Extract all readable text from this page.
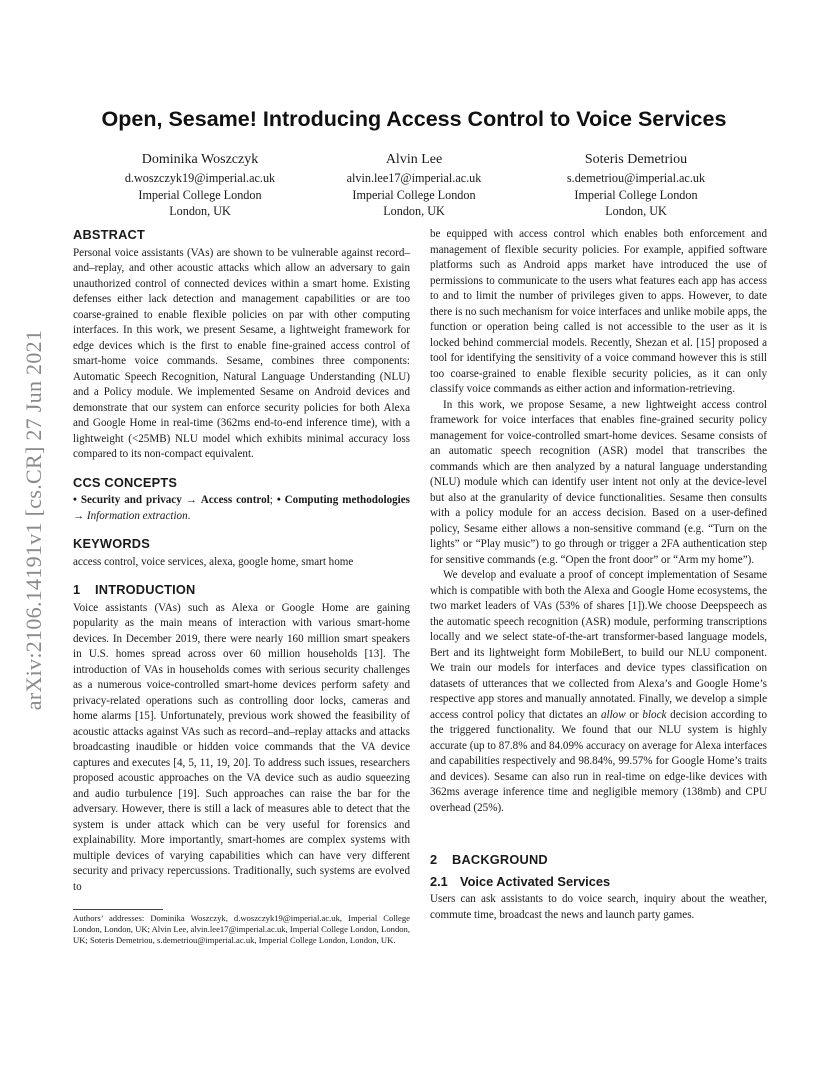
arXiv:2106.14191v1 [cs.CR] 27 Jun 2021
Open, Sesame! Introducing Access Control to Voice Services
Dominika Woszczyk
d.woszczyk19@imperial.ac.uk
Imperial College London
London, UK
Alvin Lee
alvin.lee17@imperial.ac.uk
Imperial College London
London, UK
Soteris Demetriou
s.demetriou@imperial.ac.uk
Imperial College London
London, UK
ABSTRACT

Personal voice assistants (VAs) are shown to be vulnerable against record–and–replay, and other acoustic attacks which allow an adversary to gain unauthorized control of connected devices within a smart home. Existing defenses either lack detection and management capabilities or are too coarse-grained to enable flexible policies on par with other computing interfaces. In this work, we present Sesame, a lightweight framework for edge devices which is the first to enable fine-grained access control of smart-home voice commands. Sesame, combines three components: Automatic Speech Recognition, Natural Language Understanding (NLU) and a Policy module. We implemented Sesame on Android devices and demonstrate that our system can enforce security policies for both Alexa and Google Home in real-time (362ms end-to-end inference time), with a lightweight (<25MB) NLU model which exhibits minimal accuracy loss compared to its non-compact equivalent.

CCS CONCEPTS

• Security and privacy → Access control; • Computing methodologies → Information extraction.

KEYWORDS

access control, voice services, alexa, google home, smart home

1 INTRODUCTION

Voice assistants (VAs) such as Alexa or Google Home are gaining popularity as the main means of interaction with various smart-home devices. In December 2019, there were nearly 160 million smart speakers in U.S. homes spread across over 60 million households [13]. The introduction of VAs in households comes with serious security challenges as a numerous voice-controlled smart-home devices perform safety and privacy-related operations such as controlling door locks, cameras and home alarms [15]. Unfortunately, previous work showed the feasibility of acoustic attacks against VAs such as record–and–replay attacks and attacks broadcasting inaudible or hidden voice commands that the VA device captures and executes [4, 5, 11, 19, 20]. To address such issues, researchers proposed acoustic approaches on the VA device such as audio squeezing and audio turbulence [19]. Such approaches can raise the bar for the adversary. However, there is still a lack of measures able to detect that the system is under attack which can be very useful for forensics and explainability. More importantly, smart-homes are complex systems with multiple devices of varying capabilities which can have very different security and privacy repercussions. Traditionally, such systems are evolved to

Authors’ addresses: Dominika Woszczyk, d.woszczyk19@imperial.ac.uk, Imperial College London, London, UK; Alvin Lee, alvin.lee17@imperial.ac.uk, Imperial College London, London, UK; Soteris Demetriou, s.demetriou@imperial.ac.uk, Imperial College London, London, UK.

be equipped with access control which enables both enforcement and management of flexible security policies. For example, appified software platforms such as Android apps market have introduced the use of permissions to communicate to the users what features each app has access to and to limit the number of privileges given to apps. However, to date there is no such mechanism for voice interfaces and unlike mobile apps, the function or operation being called is not accessible to the user as it is locked behind commercial models. Recently, Shezan et al. [15] proposed a tool for identifying the sensitivity of a voice command however this is still too coarse-grained to enable flexible security policies, as it can only classify voice commands as either action and information-retrieving.

In this work, we propose Sesame, a new lightweight access control framework for voice interfaces that enables fine-grained security policy management for voice-controlled smart-home devices. Sesame consists of an automatic speech recognition (ASR) model that transcribes the commands which are then analyzed by a natural language understanding (NLU) module which can identify user intent not only at the device-level but also at the granularity of device functionalities. Sesame then consults with a policy module for an access decision. Based on a user-defined policy, Sesame either allows a non-sensitive command (e.g. “Turn on the lights” or “Play music”) to go through or trigger a 2FA authentication step for sensitive commands (e.g. “Open the front door” or “Arm my home”).

We develop and evaluate a proof of concept implementation of Sesame which is compatible with both the Alexa and Google Home ecosystems, the two market leaders of VAs (53% of shares [1]).We choose Deepspeech as the automatic speech recognition (ASR) module, performing transcriptions locally and we select state-of-the-art transformer-based language models, Bert and its lightweight form MobileBert, to build our NLU component. We train our models for interfaces and device types classification on datasets of utterances that we collected from Alexa’s and Google Home’s respective app stores and manually annotated. Finally, we develop a simple access control policy that dictates an allow or block decision according to the triggered functionality. We found that our NLU system is highly accurate (up to 87.8% and 84.09% accuracy on average for Alexa interfaces and capabilities respectively and 98.84%, 99.57% for Google Home’s traits and devices). Sesame can also run in real-time on edge-like devices with 362ms average inference time and negligible memory (138mb) and CPU overhead (25%).

2 BACKGROUND
2.1 Voice Activated Services

Users can ask assistants to do voice search, inquiry about the weather, commute time, broadcast the news and launch party games.
